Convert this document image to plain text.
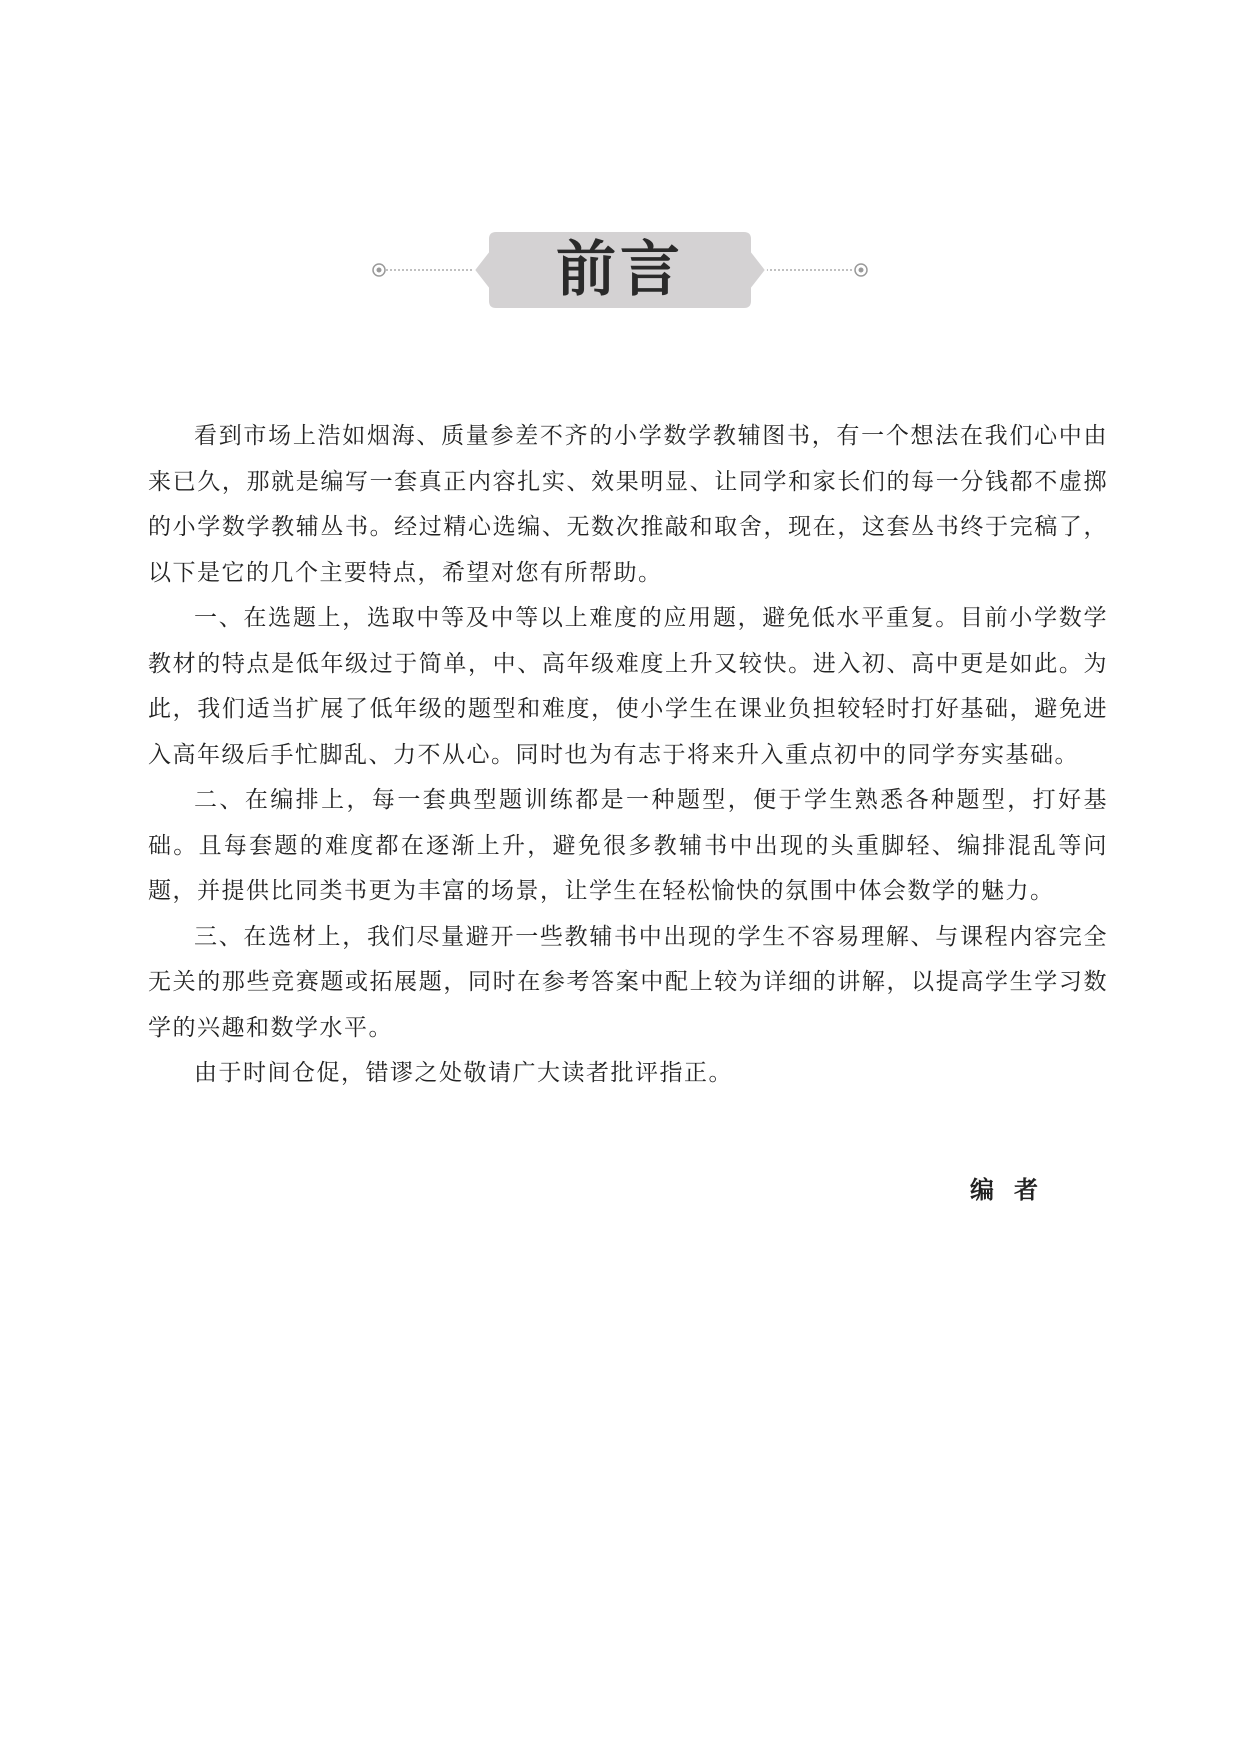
前言

看到市场上浩如烟海、质量参差不齐的小学数学教辅图书，有一个想法在我们心中由来已久，那就是编写一套真正内容扎实、效果明显、让同学和家长们的每一分钱都不虚掷的小学数学教辅丛书。经过精心选编、无数次推敲和取舍，现在，这套丛书终于完稿了，以下是它的几个主要特点，希望对您有所帮助。

一、在选题上，选取中等及中等以上难度的应用题，避免低水平重复。目前小学数学教材的特点是低年级过于简单，中、高年级难度上升又较快。进入初、高中更是如此。为此，我们适当扩展了低年级的题型和难度，使小学生在课业负担较轻时打好基础，避免进入高年级后手忙脚乱、力不从心。同时也为有志于将来升入重点初中的同学夯实基础。

二、在编排上，每一套典型题训练都是一种题型，便于学生熟悉各种题型，打好基础。且每套题的难度都在逐渐上升，避免很多教辅书中出现的头重脚轻、编排混乱等问题，并提供比同类书更为丰富的场景，让学生在轻松愉快的氛围中体会数学的魅力。

三、在选材上，我们尽量避开一些教辅书中出现的学生不容易理解、与课程内容完全无关的那些竞赛题或拓展题，同时在参考答案中配上较为详细的讲解，以提高学生学习数学的兴趣和数学水平。

由于时间仓促，错谬之处敬请广大读者批评指正。

编者
